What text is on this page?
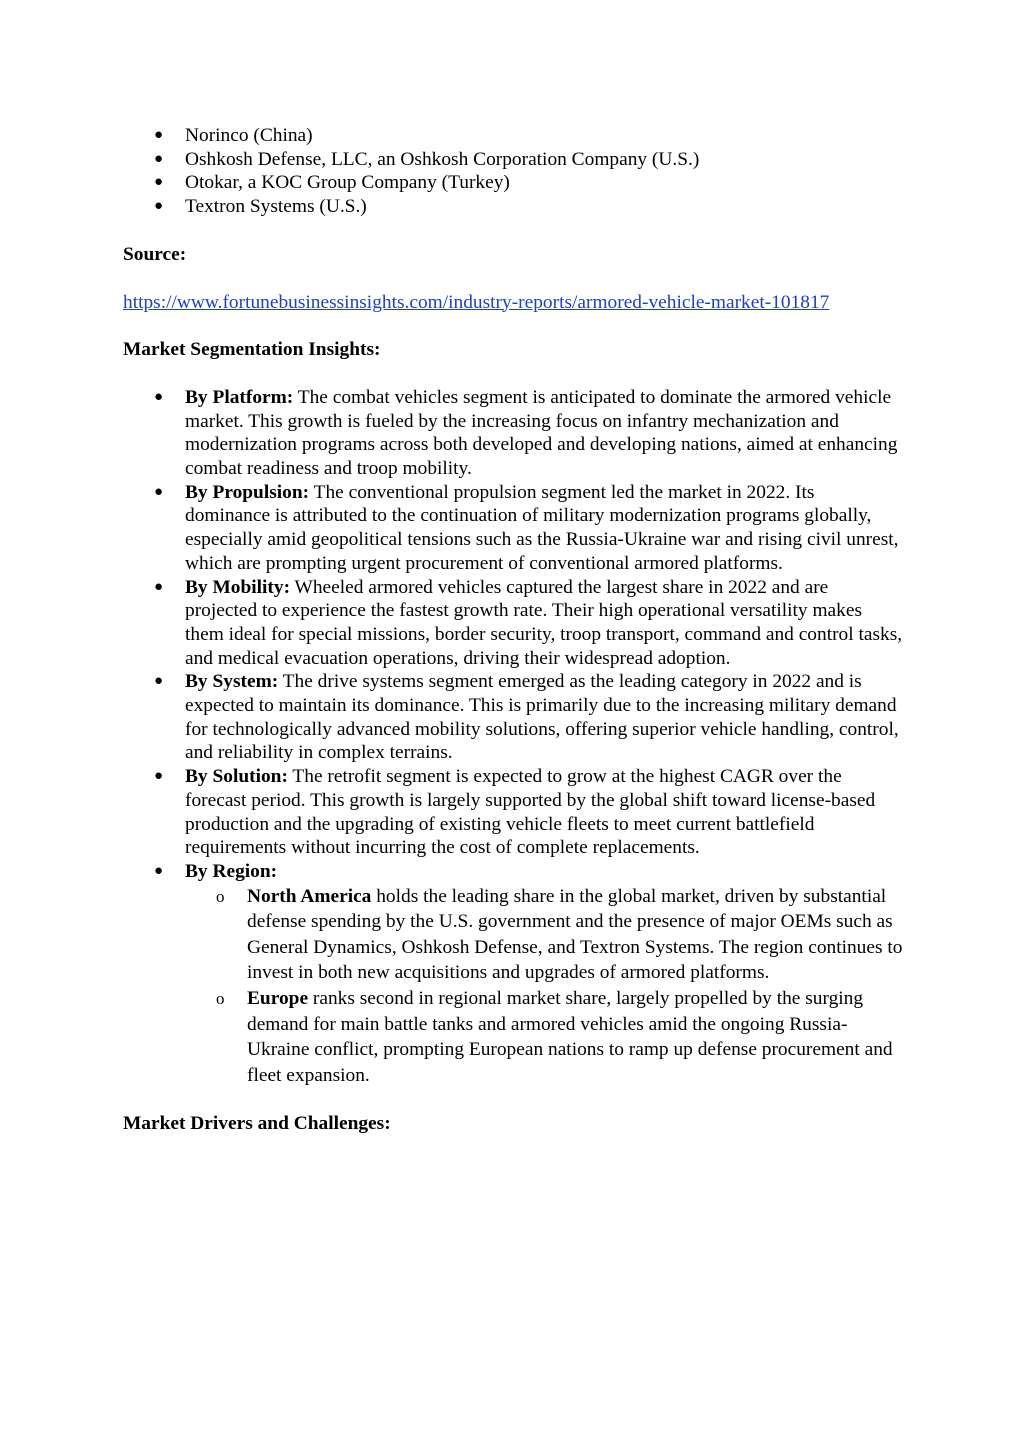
● Norinco (China)
● Oshkosh Defense, LLC, an Oshkosh Corporation Company (U.S.)
● Otokar, a KOC Group Company (Turkey)
● Textron Systems (U.S.)
Source:
https://www.fortunebusinessinsights.com/industry-reports/armored-vehicle-market-101817
Market Segmentation Insights:
● By Platform: The combat vehicles segment is anticipated to dominate the armored vehicle market. This growth is fueled by the increasing focus on infantry mechanization and modernization programs across both developed and developing nations, aimed at enhancing combat readiness and troop mobility.
● By Propulsion: The conventional propulsion segment led the market in 2022. Its dominance is attributed to the continuation of military modernization programs globally, especially amid geopolitical tensions such as the Russia-Ukraine war and rising civil unrest, which are prompting urgent procurement of conventional armored platforms.
● By Mobility: Wheeled armored vehicles captured the largest share in 2022 and are projected to experience the fastest growth rate. Their high operational versatility makes them ideal for special missions, border security, troop transport, command and control tasks, and medical evacuation operations, driving their widespread adoption.
● By System: The drive systems segment emerged as the leading category in 2022 and is expected to maintain its dominance. This is primarily due to the increasing military demand for technologically advanced mobility solutions, offering superior vehicle handling, control, and reliability in complex terrains.
● By Solution: The retrofit segment is expected to grow at the highest CAGR over the forecast period. This growth is largely supported by the global shift toward license-based production and the upgrading of existing vehicle fleets to meet current battlefield requirements without incurring the cost of complete replacements.
● By Region:
o North America holds the leading share in the global market, driven by substantial defense spending by the U.S. government and the presence of major OEMs such as General Dynamics, Oshkosh Defense, and Textron Systems. The region continues to invest in both new acquisitions and upgrades of armored platforms.
o Europe ranks second in regional market share, largely propelled by the surging demand for main battle tanks and armored vehicles amid the ongoing Russia-Ukraine conflict, prompting European nations to ramp up defense procurement and fleet expansion.
Market Drivers and Challenges:
